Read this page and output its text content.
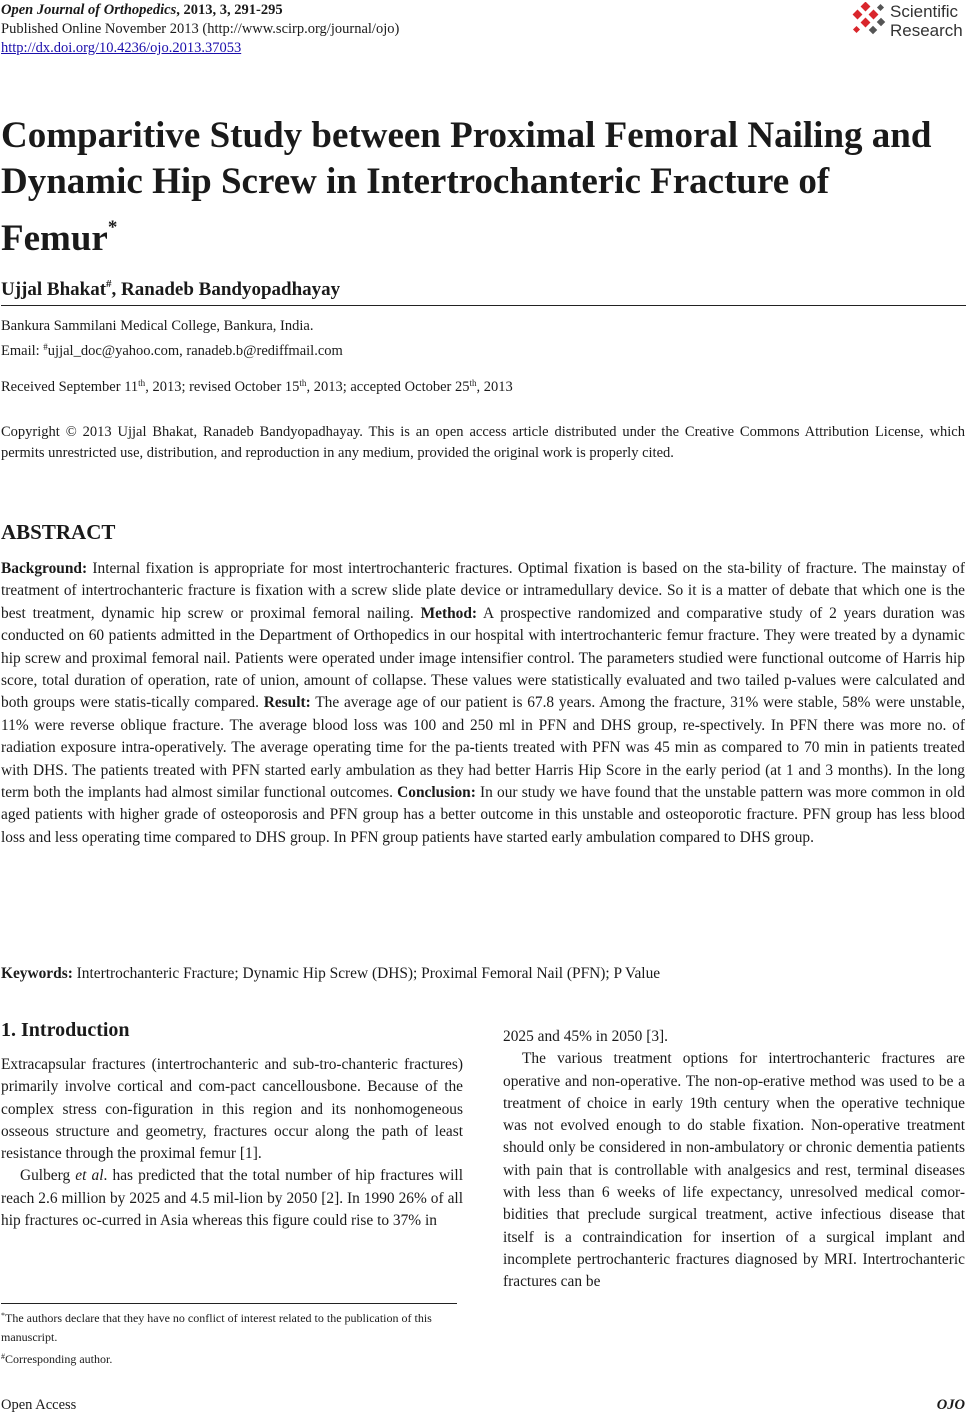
Open Journal of Orthopedics, 2013, 3, 291-295
Published Online November 2013 (http://www.scirp.org/journal/ojo)
http://dx.doi.org/10.4236/ojo.2013.37053
Scientific
Research
Comparitive Study between Proximal Femoral Nailing and
Dynamic Hip Screw in Intertrochanteric Fracture of
Femur*
Ujjal Bhakat#, Ranadeb Bandyopadhayay
Bankura Sammilani Medical College, Bankura, India.
Email: #ujjal_doc@yahoo.com, ranadeb.b@rediffmail.com
Received September 11th, 2013; revised October 15th, 2013; accepted October 25th, 2013
Copyright © 2013 Ujjal Bhakat, Ranadeb Bandyopadhayay. This is an open access article distributed under the Creative Commons Attribution License, which permits unrestricted use, distribution, and reproduction in any medium, provided the original work is properly cited.
ABSTRACT

Background: Internal fixation is appropriate for most intertrochanteric fractures. Optimal fixation is based on the sta-bility of fracture. The mainstay of treatment of intertrochanteric fracture is fixation with a screw slide plate device or intramedullary device. So it is a matter of debate that which one is the best treatment, dynamic hip screw or proximal femoral nailing. Method: A prospective randomized and comparative study of 2 years duration was conducted on 60 patients admitted in the Department of Orthopedics in our hospital with intertrochanteric femur fracture. They were treated by a dynamic hip screw and proximal femoral nail. Patients were operated under image intensifier control. The parameters studied were functional outcome of Harris hip score, total duration of operation, rate of union, amount of collapse. These values were statistically evaluated and two tailed p-values were calculated and both groups were statis-tically compared. Result: The average age of our patient is 67.8 years. Among the fracture, 31% were stable, 58% were unstable, 11% were reverse oblique fracture. The average blood loss was 100 and 250 ml in PFN and DHS group, re-spectively. In PFN there was more no. of radiation exposure intra-operatively. The average operating time for the pa-tients treated with PFN was 45 min as compared to 70 min in patients treated with DHS. The patients treated with PFN started early ambulation as they had better Harris Hip Score in the early period (at 1 and 3 months). In the long term both the implants had almost similar functional outcomes. Conclusion: In our study we have found that the unstable pattern was more common in old aged patients with higher grade of osteoporosis and PFN group has a better outcome in this unstable and osteoporotic fracture. PFN group has less blood loss and less operating time compared to DHS group. In PFN group patients have started early ambulation compared to DHS group.

Keywords: Intertrochanteric Fracture; Dynamic Hip Screw (DHS); Proximal Femoral Nail (PFN); P Value
1. Introduction

Extracapsular fractures (intertrochanteric and sub-tro-chanteric fractures) primarily involve cortical and com-pact cancellousbone. Because of the complex stress con-figuration in this region and its nonhomogeneous osseous structure and geometry, fractures occur along the path of least resistance through the proximal femur [1].

Gulberg et al. has predicted that the total number of hip fractures will reach 2.6 million by 2025 and 4.5 mil-lion by 2050 [2]. In 1990 26% of all hip fractures oc-curred in Asia whereas this figure could rise to 37% in

2025 and 45% in 2050 [3].

The various treatment options for intertrochanteric fractures are operative and non-operative. The non-op-erative method was used to be a treatment of choice in early 19th century when the operative technique was not evolved enough to do stable fixation. Non-operative treatment should only be considered in non-ambulatory or chronic dementia patients with pain that is controllable with analgesics and rest, terminal diseases with less than 6 weeks of life expectancy, unresolved medical comor-bidities that preclude surgical treatment, active infectious disease that itself is a contraindication for insertion of a surgical implant and incomplete pertrochanteric fractures diagnosed by MRI. Intertrochanteric fractures can be

*The authors declare that they have no conflict of interest related to the publication of this manuscript.
#Corresponding author.
Open Access	OJO
